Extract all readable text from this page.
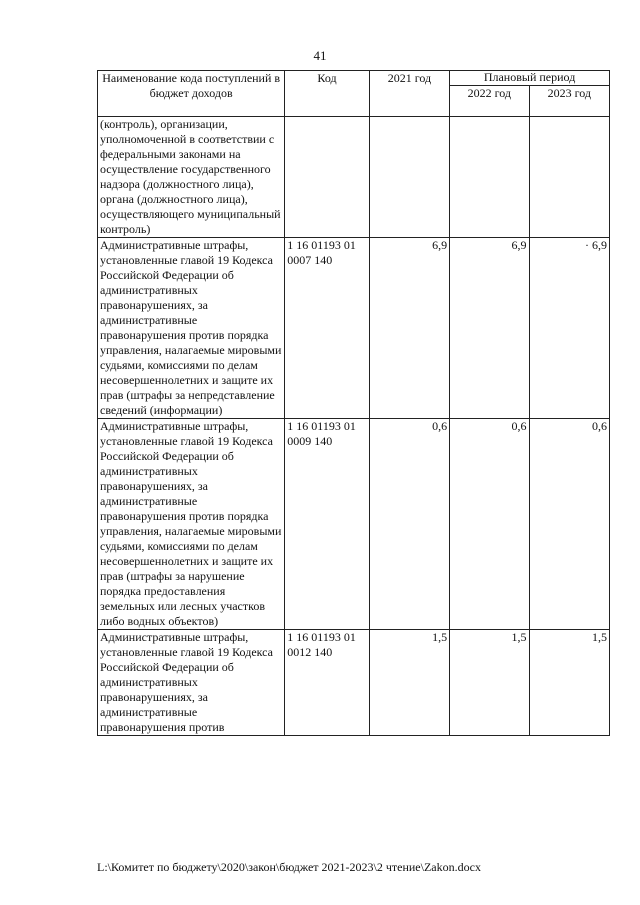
41
Наименование кода поступлений в бюджет доходов	Код	2021 год	Плановый период	
			2022 год	2023 год
(контроль), организации, уполномоченной в соответствии с федеральными законами на осуществление государственного надзора (должностного лица), органа (должностного лица), осуществляющего муниципальный контроль)				
Административные штрафы, установленные главой 19 Кодекса Российской Федерации об административных правонарушениях, за административные правонарушения против порядка управления, налагаемые мировыми судьями, комиссиями по делам несовершеннолетних и защите их прав (штрафы за непредставление сведений (информации)	1 16 01193 01 0007 140	6,9	6,9	· 6,9
Административные штрафы, установленные главой 19 Кодекса Российской Федерации об административных правонарушениях, за административные правонарушения против порядка управления, налагаемые мировыми судьями, комиссиями по делам несовершеннолетних и защите их прав (штрафы за нарушение порядка предоставления земельных или лесных участков либо водных объектов)	1 16 01193 01 0009 140	0,6	0,6	0,6
Административные штрафы, установленные главой 19 Кодекса Российской Федерации об административных правонарушениях, за административные правонарушения против	1 16 01193 01 0012 140	1,5	1,5	1,5
L:\Комитет по бюджету\2020\закон\бюджет 2021-2023\2 чтение\Zakon.docx
